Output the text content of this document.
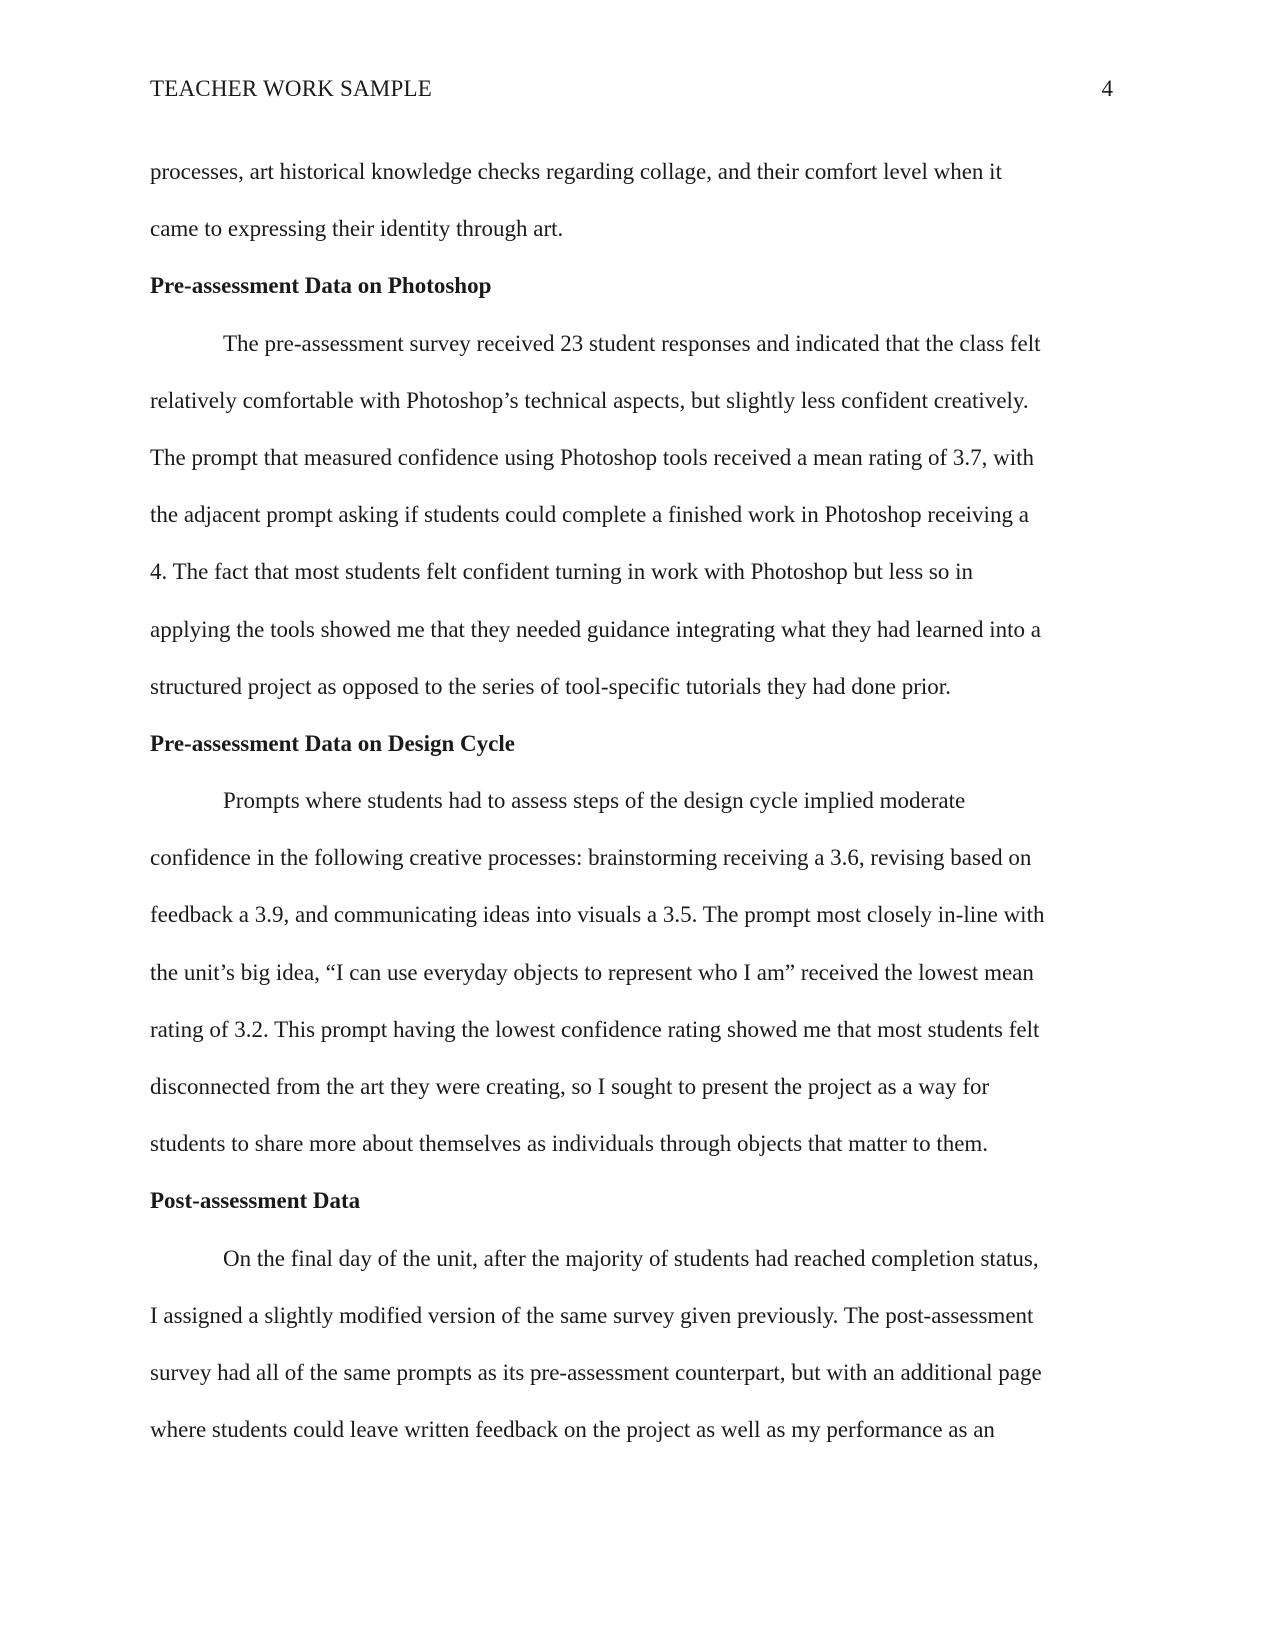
TEACHER WORK SAMPLE	4
processes, art historical knowledge checks regarding collage, and their comfort level when it
came to expressing their identity through art.
Pre-assessment Data on Photoshop
The pre-assessment survey received 23 student responses and indicated that the class felt
relatively comfortable with Photoshop’s technical aspects, but slightly less confident creatively.
The prompt that measured confidence using Photoshop tools received a mean rating of 3.7, with
the adjacent prompt asking if students could complete a finished work in Photoshop receiving a
4. The fact that most students felt confident turning in work with Photoshop but less so in
applying the tools showed me that they needed guidance integrating what they had learned into a
structured project as opposed to the series of tool-specific tutorials they had done prior.
Pre-assessment Data on Design Cycle
Prompts where students had to assess steps of the design cycle implied moderate
confidence in the following creative processes: brainstorming receiving a 3.6, revising based on
feedback a 3.9, and communicating ideas into visuals a 3.5. The prompt most closely in-line with
the unit’s big idea, “I can use everyday objects to represent who I am” received the lowest mean
rating of 3.2. This prompt having the lowest confidence rating showed me that most students felt
disconnected from the art they were creating, so I sought to present the project as a way for
students to share more about themselves as individuals through objects that matter to them.
Post-assessment Data
On the final day of the unit, after the majority of students had reached completion status,
I assigned a slightly modified version of the same survey given previously. The post-assessment
survey had all of the same prompts as its pre-assessment counterpart, but with an additional page
where students could leave written feedback on the project as well as my performance as an
